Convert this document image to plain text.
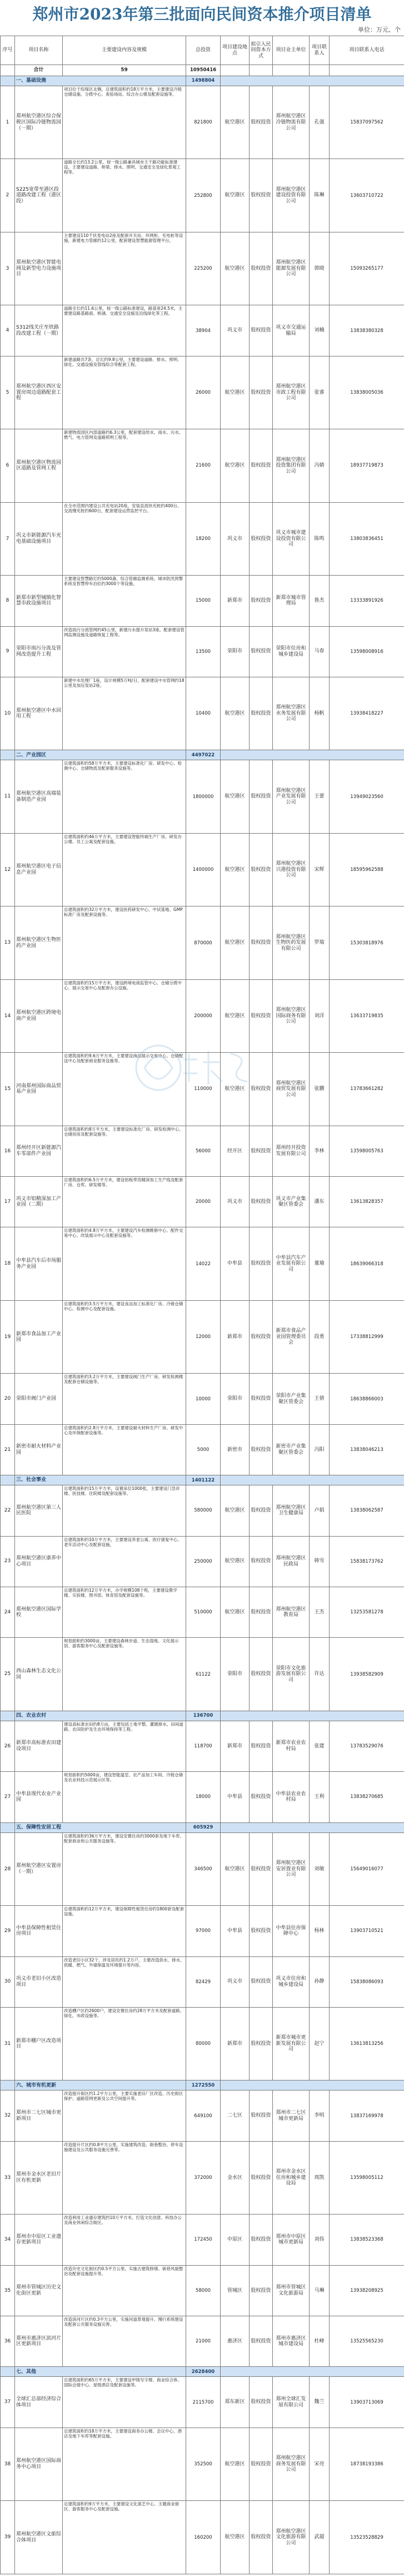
郑州市2023年第三批面向民间资本推介项目清单
单位：万元、个
序号	项目名称	主要建设内容及规模	总投资	项目建设地点	拟引入民间资本方式	项目业主单位	项目联系人	项目联系人电话
	合计	59	10950416					
	一、基础设施		1498804					
1	郑州航空港区综合保税区国际冷链物流园（一期）	项目位于综保区北侧，总建筑面积约18万平方米，主要建设冷链仓储设施、分拨中心、查验场站、综合办公楼及配套设施等。	821800	航空港区	股权投资	郑州航空港区冷链物流有限公司	孔强	15837097562
2	S225宽带至港区段道路改建工程（港区段）	道路全长约13.2公里，按一级公路兼具城市主干路功能标准建设，主要建设道路、桥梁、排水、照明、交通安全及绿化景观工程等。	252800	航空港区	股权投资	郑州航空港区建设投资有限公司	陈琳	13603710722
3	郑州航空港区智能电网及新型电力设施项目	主要建设110千伏变电站2座及配套开关站、环网柜、充电桩等设施，新建电力管廊约12公里，配套建设智慧能源管理平台。	225200	航空港区	股权投资	郑州航空港区能源发展有限公司	郭晓	15093265177
4	S312线关庄至铁路段改建工程（一期）	道路全长约11.6公里，按一级公路标准建设，路基宽24.5米，主要建设路基路面、桥涵、交通安全设施及沿线绿化等工程。	38904	巩义市	股权投资	巩义市交通运输局	刘楠	13838380328
5	郑州航空港区西区安置房周边道路配套工程	新建道路共7条，总长约9.8公里，主要建设道路、排水、照明、绿化、交通设施及管线综合等配套工程。	26000	航空港区	股权投资	郑州航空港区市政工程有限公司	张睿	13838005036
6	郑州航空港区物流园区道路及管网工程	新建物流园区内部道路约6.3公里，配套建设给水、雨水、污水、燃气、电力管网及道路照明工程等。	21600	航空港区	股权投资	郑州航空港区投资集团有限公司	冯婧	18937719873
7	巩义市新能源汽车充电基础设施项目	在全市范围内建设公共充电站20座，安装直流快充桩约400台、交流慢充桩约600台，配套建设运营监控平台。	18200	巩义市	股权投资	巩义市城市建设投资有限公司	陈鸣	13803836451
8	新郑市新型城镇化智慧市政设施项目	主要建设智慧路灯约5000盏、综合管廊监测系统、城市防汛预警系统及智慧停车泊位约3000个等设施。	15000	新郑市	股权投资	新郑市城市管理局	鲁杰	13333891926
9	荥阳市雨污分流及管网改造提升工程	改造雨污分流管网约45公里，新建污水提升泵站3座，配套建设管网监测设施及道路恢复工程等。	13500	荥阳市	股权投资	荥阳市住房和城乡建设局	马春	13598008916
10	郑州航空港区中水回用工程	新建中水处理厂1座，设计规模5万吨/日，配套建设中水管网约18公里及加压泵站2座。	10400	航空港区	股权投资	郑州航空港区水务发展有限公司	杨帆	13938418227
	二、产业园区		4497022					
11	郑州航空港区高端装备制造产业园	总建筑面积约58万平方米，主要建设标准化厂房、研发中心、检测中心、仓储物流及配套服务设施等。	1800000	航空港区	股权投资	郑州航空港区产业发展有限公司	王蕾	13949023560
12	郑州航空港区电子信息产业园	总建筑面积约46万平方米，主要建设智能终端生产厂房、研发办公楼、员工公寓及配套设施。	1400000	航空港区	股权投资	郑州航空港区兴港投资有限公司	宋辉	18595962588
13	郑州航空港区生物医药产业园	总建筑面积约32万平方米，建设医药研发中心、中试基地、GMP标准厂房及配套设施等。	870000	航空港区	股权投资	郑州航空港区生物医药发展有限公司	罗瑞	15303818976
14	郑州航空港区跨境电商产业园	总建筑面积约15万平方米，建设跨境电商监管中心、仓储分拨中心、展示交易中心及配套办公设施。	200000	航空港区	股权投资	郑州航空港区国际商务有限公司	刘洋	13633719835
15	河南郑州国际商品贸易产业园	总建筑面积约9.6万平方米，主要建设商品展示交易中心、仓储配送中心及配套商业服务设施等。	110000	航空港区	股权投资	郑州航空港区商贸发展有限公司	张鹏	13783661282
16	郑州经开区新能源汽车零部件产业园	总建筑面积约8万平方米，主要建设标准化厂房、研发检测中心、仓储用房及配套设施等。	56000	经开区	股权投资	郑州经开投资发展有限公司	李林	13598005763
17	巩义市铝精深加工产业园（二期）	总建筑面积约6.5万平方米，建设铝板带箔精深加工生产线及配套厂房、仓库、研发楼等。	20000	巩义市	股权投资	巩义市产业集聚区管委会	潘东	13613828357
18	中牟县汽车后市场服务产业园	总建筑面积约4.8万平方米，主要建设汽车检测维修中心、配件交易中心、改装展示中心及配套设施等。	14022	中牟县	股权投资	中牟县汽车产业发展有限公司	董瑜	18639066318
19	新郑市食品加工产业园	总建筑面积约3.5万平方米，建设食品加工标准化厂房、冷链仓储中心、检测中心及配套设施。	12000	新郑市	股权投资	新郑市食品产业园管理委员会	段勇	17338812999
20	荥阳市阀门产业园	总建筑面积约3.2万平方米，主要建设阀门生产厂房、研发检测楼及配套仓储设施等。	10000	荥阳市	股权投资	荥阳市产业集聚区管委会	王倩	18638866003
21	新密市耐火材料产业园	总建筑面积约2.8万平方米，主要建设耐火材料生产厂房、研发中心及环保配套设施等。	5000	新密市	股权投资	新密市产业集聚区管委会	冯阳	13838046213
	三、社会事业		1401122					
22	郑州航空港区第三人民医院	总建筑面积约15万平方米，设置床位1000张，主要建设门急诊楼、医技楼、住院楼及配套设施等。	580000	航空港区	股权投资	郑州航空港区卫生健康局	卢娟	13838062587
23	郑州航空港区康养中心项目	总建筑面积约10万平方米，主要建设养老公寓、医疗康复中心、老年活动中心及配套设施。	250000	航空港区	股权投资	郑州航空港区民政局	韩雪	15838173762
24	郑州航空港区国际学校	总建筑面积约12万平方米，办学规模108个班，主要建设教学楼、实验楼、图书馆、体育馆及配套设施等。	510000	航空港区	股权投资	郑州航空港区教育局	王杰	13253581278
25	西山森林生态文化公园	规划面积约3000亩，主要建设森林步道、生态湿地、文化展示馆、游客服务中心及配套设施等。	61122	荥阳市	股权投资	荥阳市文化旅游发展有限公司	许达	13938582909
	四、农业农村		136700					
26	新郑市高标准农田建设项目	建设高标准农田约8万亩，主要包括土地平整、灌溉排水、田间道路、农田防护及生态环境保持等工程。	118700	新郑市	股权投资	新郑市农业农村局	张建	13783529076
27	中牟县现代农业产业园	规划面积约5000亩，建设智能温室、农产品加工车间、冷链仓储及农业科技示范展示区等。	18000	中牟县	股权投资	中牟县农业农村局	王利	13838270685
	五、保障性安居工程		605929					
28	郑州航空港区安置房（一期）	总建筑面积约36万平方米，建设安置住房约3000套及地下车库、配套商业和公共服务设施等。	346500	航空港区	股权投资	郑州航空港区安居置业有限公司	刘敏	15649016077
29	中牟县保障性租赁住房项目	总建筑面积约12万平方米，建设保障性租赁住房约1800套及配套设施。	97000	中牟县	股权投资	中牟县住房保障中心	杨林	13903710521
30	巩义市老旧小区改造项目	改造老旧小区32个，涉及居民约1.2万户，主要改造供水、排水、供暖、燃气、外墙保温及环境提升等内容。	82429	巩义市	股权投资	巩义市住房和城乡建设局	孙静	15838086093
31	新郑市棚户区改造项目	改造棚户区约2600户，建设安置住房约28万平方米及配套道路、绿化、市政设施等。	80000	新郑市	股权投资	新郑市城市更新发展有限公司	赵宁	13613813256
	六、城市有机更新		1272550					
32	郑州市二七区城市更新项目	改造提升街区约1.2平方公里，主要实施老旧厂区改造、历史街区保护、道路管网更新及公共空间提升等。	649100	二七区	股权投资	郑州市二七区城市更新局	李明	13837169978
33	郑州市金水区老旧片区有机更新	改造提升片区约0.8平方公里，实施建筑改造、街巷整治、停车设施建设及公共服务设施完善等。	372000	金水区	股权投资	郑州市金水区住房和城乡建设局	周凯	13598005112
34	郑州市中原区工业遗存更新项目	改造利用工业遗存建筑约10万平方米，打造文化创意、科技办公及商业休闲综合街区。	172450	中原区	股权投资	郑州市中原区城市更新局	刘伟	13838523368
35	郑州市管城区历史文化街区更新	改造历史文化街区约0.5平方公里，实施古建筑修缮、街巷风貌整治及配套设施提升等。	58000	管城区	股权投资	郑州市管城区文化旅游局	马琳	13938208925
36	郑州市惠济区滨河片区更新项目	改造滨河片区约0.3平方公里，实施河道景观提升、慢行系统建设及配套公共服务设施完善。	21000	惠济区	股权投资	郑州市惠济区城市建设局	杜峰	13525565230
	七、其他		2628400					
37	全球汇总部经济综合体项目	总建筑面积约65万平方米，主要建设甲级写字楼、商业综合体、国际会展中心、星级酒店及配套设施等。	2115700	郑东新区	股权投资	郑州全球汇发展有限公司	魏兰	13903713069
38	郑州航空港区国际商务中心项目	总建筑面积约18万平方米，主要建设商务办公楼、会议中心、酒店及地下车库等配套设施。	352500	航空港区	股权投资	郑州航空港区商务发展有限公司	宋亮	18738193386
39	郑州航空港区文旅综合体项目	总建筑面积约9万平方米，主要建设文化演艺中心、主题商业街区、游客服务中心及配套设施。	160200	航空港区	股权投资	郑州航空港区文化旅游有限公司	武超	13523528829
